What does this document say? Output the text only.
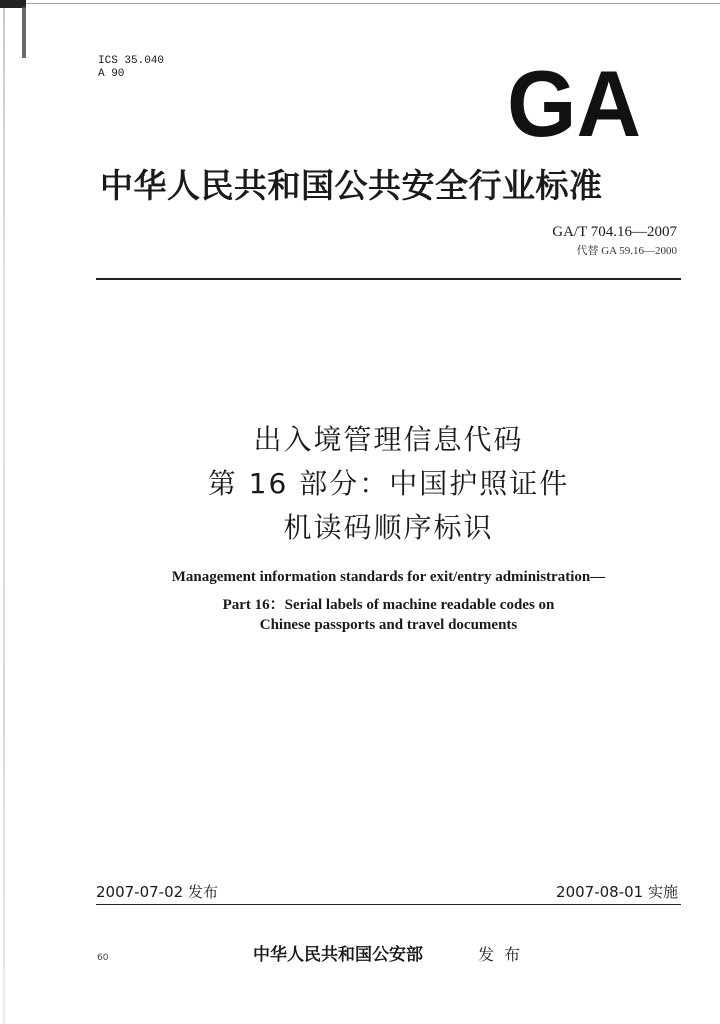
ICS 35.040
A 90	GA
中华人民共和国公共安全行业标准
GA/T 704.16—2007
代替 GA 59.16—2000
出入境管理信息代码
第 16 部分：中国护照证件
机读码顺序标识
Management information standards for exit/entry administration—
Part 16：Serial labels of machine readable codes on
Chinese passports and travel documents
2007-07-02 发布	2007-08-01 实施
60	中华人民共和国公安部	发布
